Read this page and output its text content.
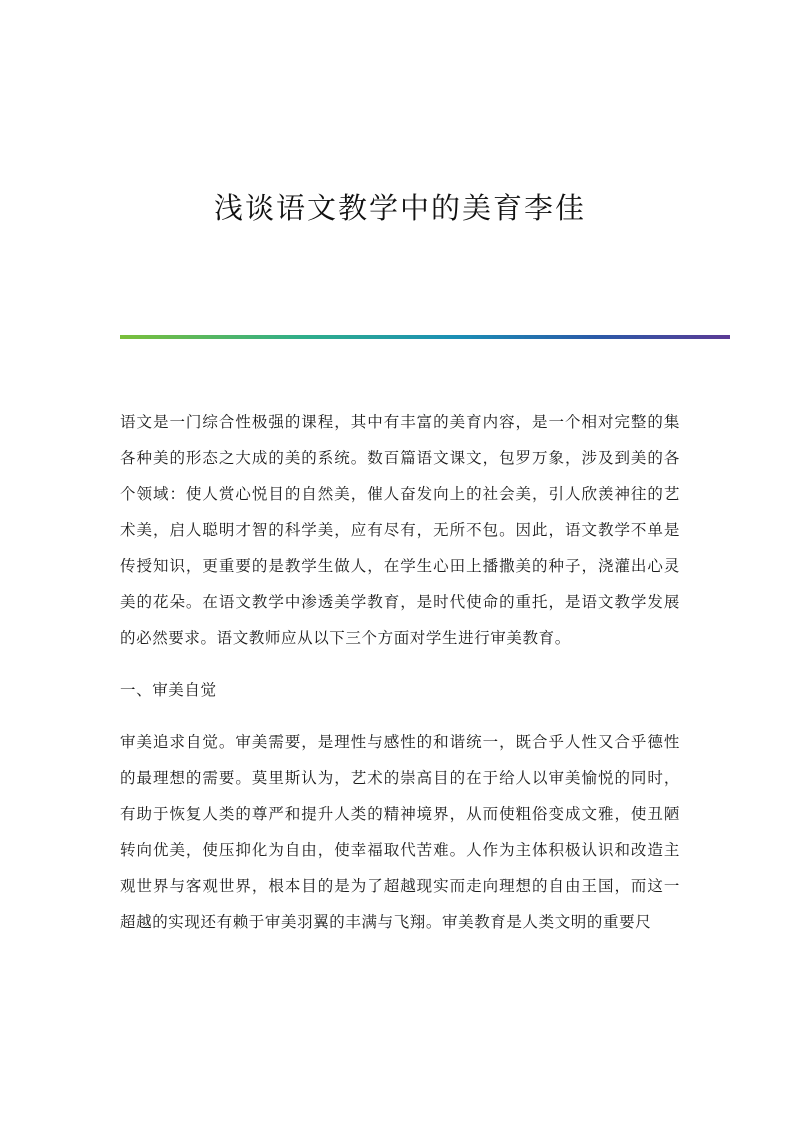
浅谈语文教学中的美育李佳

语文是一门综合性极强的课程，其中有丰富的美育内容，是一个相对完整的集各种美的形态之大成的美的系统。数百篇语文课文，包罗万象，涉及到美的各个领域：使人赏心悦目的自然美，催人奋发向上的社会美，引人欣羡神往的艺术美，启人聪明才智的科学美，应有尽有，无所不包。因此，语文教学不单是传授知识，更重要的是教学生做人，在学生心田上播撒美的种子，浇灌出心灵美的花朵。在语文教学中渗透美学教育，是时代使命的重托，是语文教学发展的必然要求。语文教师应从以下三个方面对学生进行审美教育。

一、审美自觉

审美追求自觉。审美需要，是理性与感性的和谐统一，既合乎人性又合乎德性的最理想的需要。莫里斯认为，艺术的崇高目的在于给人以审美愉悦的同时，有助于恢复人类的尊严和提升人类的精神境界，从而使粗俗变成文雅，使丑陋转向优美，使压抑化为自由，使幸福取代苦难。人作为主体积极认识和改造主观世界与客观世界，根本目的是为了超越现实而走向理想的自由王国，而这一超越的实现还有赖于审美羽翼的丰满与飞翔。审美教育是人类文明的重要尺
